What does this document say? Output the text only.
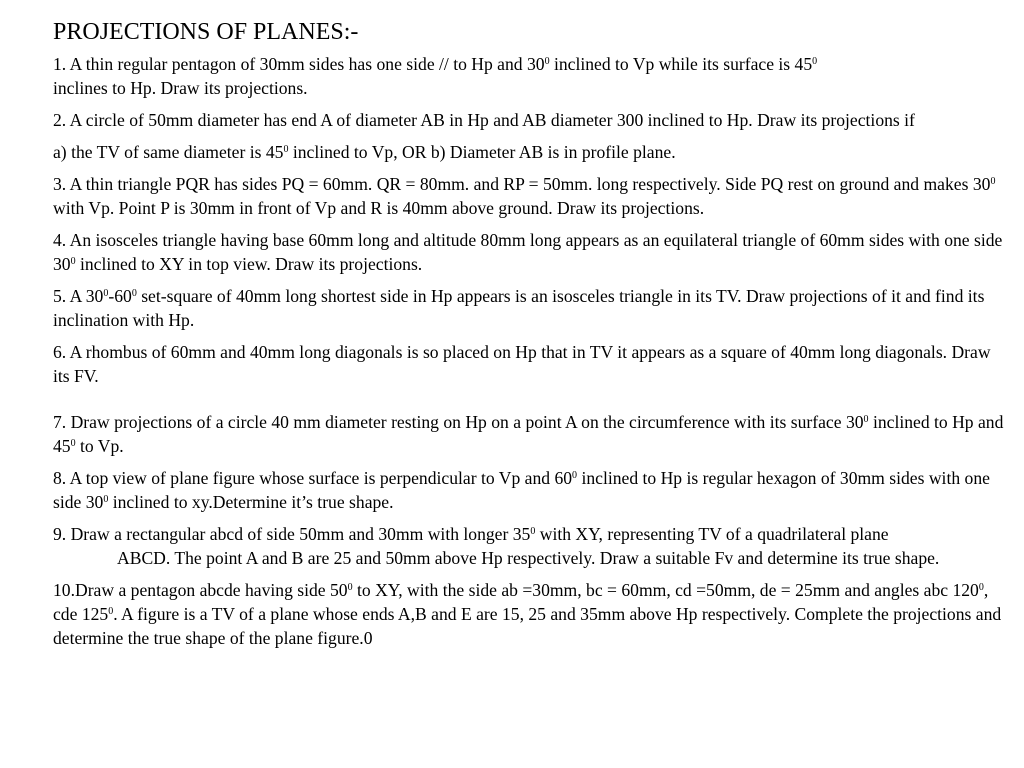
PROJECTIONS OF PLANES:-

1. A thin regular pentagon of 30mm sides has one side // to Hp and $30^0$ inclined to Vp while its surface is $45^0$
inclines to Hp. Draw its projections.

2. A circle of 50mm diameter has end A of diameter AB in Hp and AB diameter 300 inclined to Hp. Draw its projections if

a) the TV of same diameter is $45^0$ inclined to Vp, OR b) Diameter AB is in profile plane.

3. A thin triangle PQR has sides PQ = 60mm. QR = 80mm. and RP = 50mm. long respectively. Side PQ rest on ground and makes $30^0$ with Vp. Point P is 30mm in front of Vp and R is 40mm above ground. Draw its projections.

4. An isosceles triangle having base 60mm long and altitude 80mm long appears as an equilateral triangle of 60mm sides with one side $30^0$ inclined to XY in top view. Draw its projections.

5. A $30^0-60^0$ set-square of 40mm long shortest side in Hp appears is an isosceles triangle in its TV. Draw projections of it and find its inclination with Hp.

6. A rhombus of 60mm and 40mm long diagonals is so placed on Hp that in TV it appears as a square of 40mm long diagonals. Draw its FV.

7. Draw projections of a circle 40 mm diameter resting on Hp on a point A on the circumference with its surface $30^0$ inclined to Hp and $45^0$ to Vp.

8. A top view of plane figure whose surface is perpendicular to Vp and $60^0$ inclined to Hp is regular hexagon of 30mm sides with one side $30^0$ inclined to xy.Determine it’s true shape.

9. Draw a rectangular abcd of side 50mm and 30mm with longer $35^0$ with XY, representing TV of a quadrilateral plane
ABCD. The point A and B are 25 and 50mm above Hp respectively. Draw a suitable Fv and determine its true shape.

10.Draw a pentagon abcde having side $50^0$ to XY, with the side ab =30mm, bc = 60mm, cd =50mm, de = 25mm and angles abc $120^0$, cde $125^0$. A figure is a TV of a plane whose ends A,B and E are 15, 25 and 35mm above Hp respectively. Complete the projections and determine the true shape of the plane figure.0
